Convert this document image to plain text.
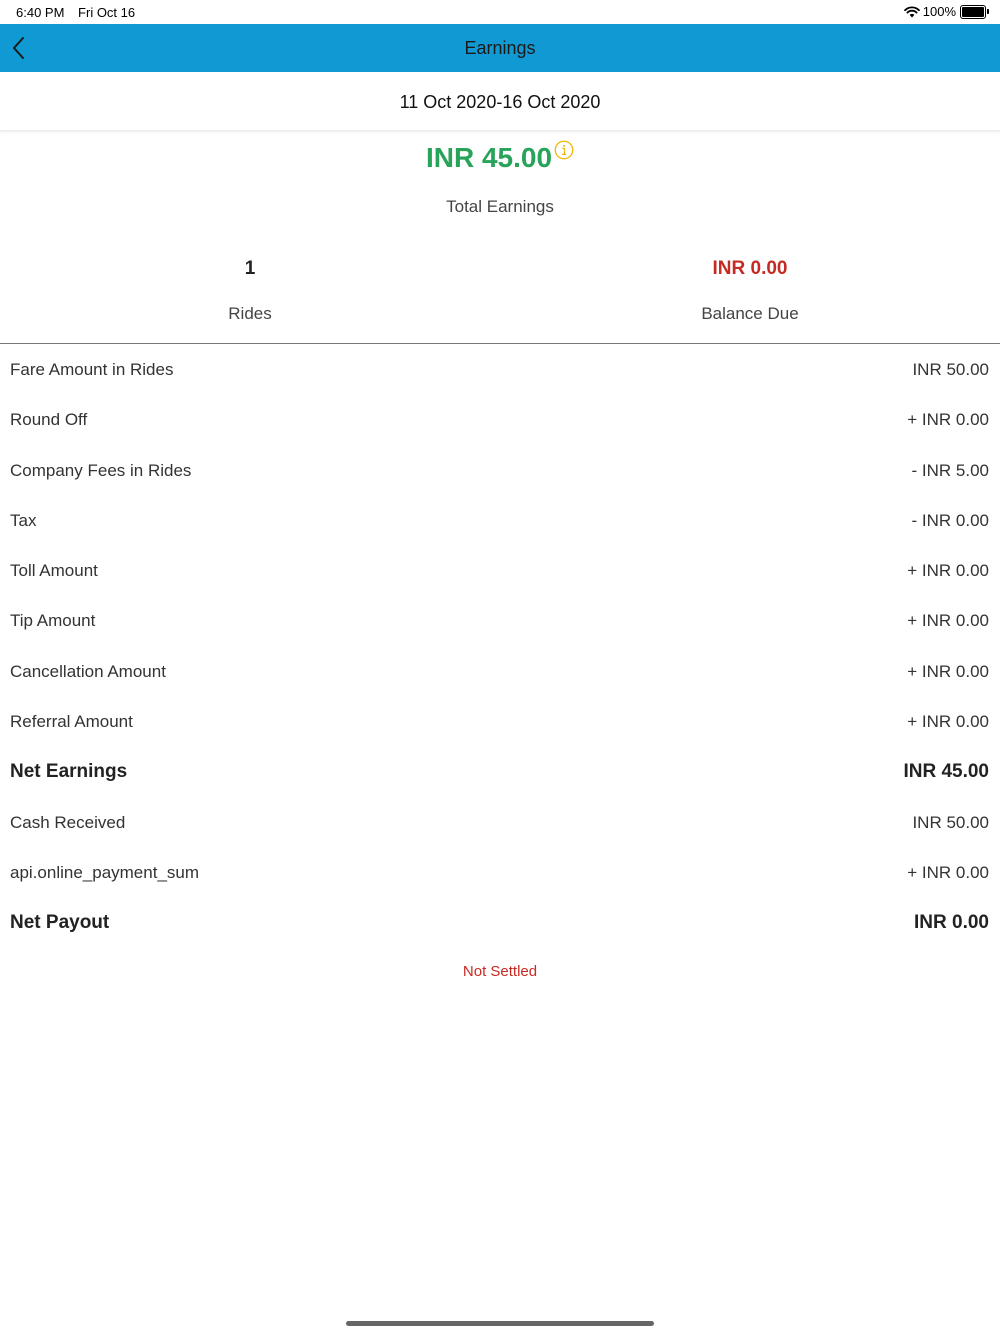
6:40 PM Fri Oct 16	100%
Earnings
11 Oct 2020-16 Oct 2020
INR 45.00
Total Earnings
1
Rides
INR 0.00
Balance Due
Fare Amount in Rides	INR 50.00
Round Off	+ INR 0.00
Company Fees in Rides	- INR 5.00
Tax	- INR 0.00
Toll Amount	+ INR 0.00
Tip Amount	+ INR 0.00
Cancellation Amount	+ INR 0.00
Referral Amount	+ INR 0.00
Net Earnings	INR 45.00
Cash Received	INR 50.00
api.online_payment_sum	+ INR 0.00
Net Payout	INR 0.00
Not Settled
